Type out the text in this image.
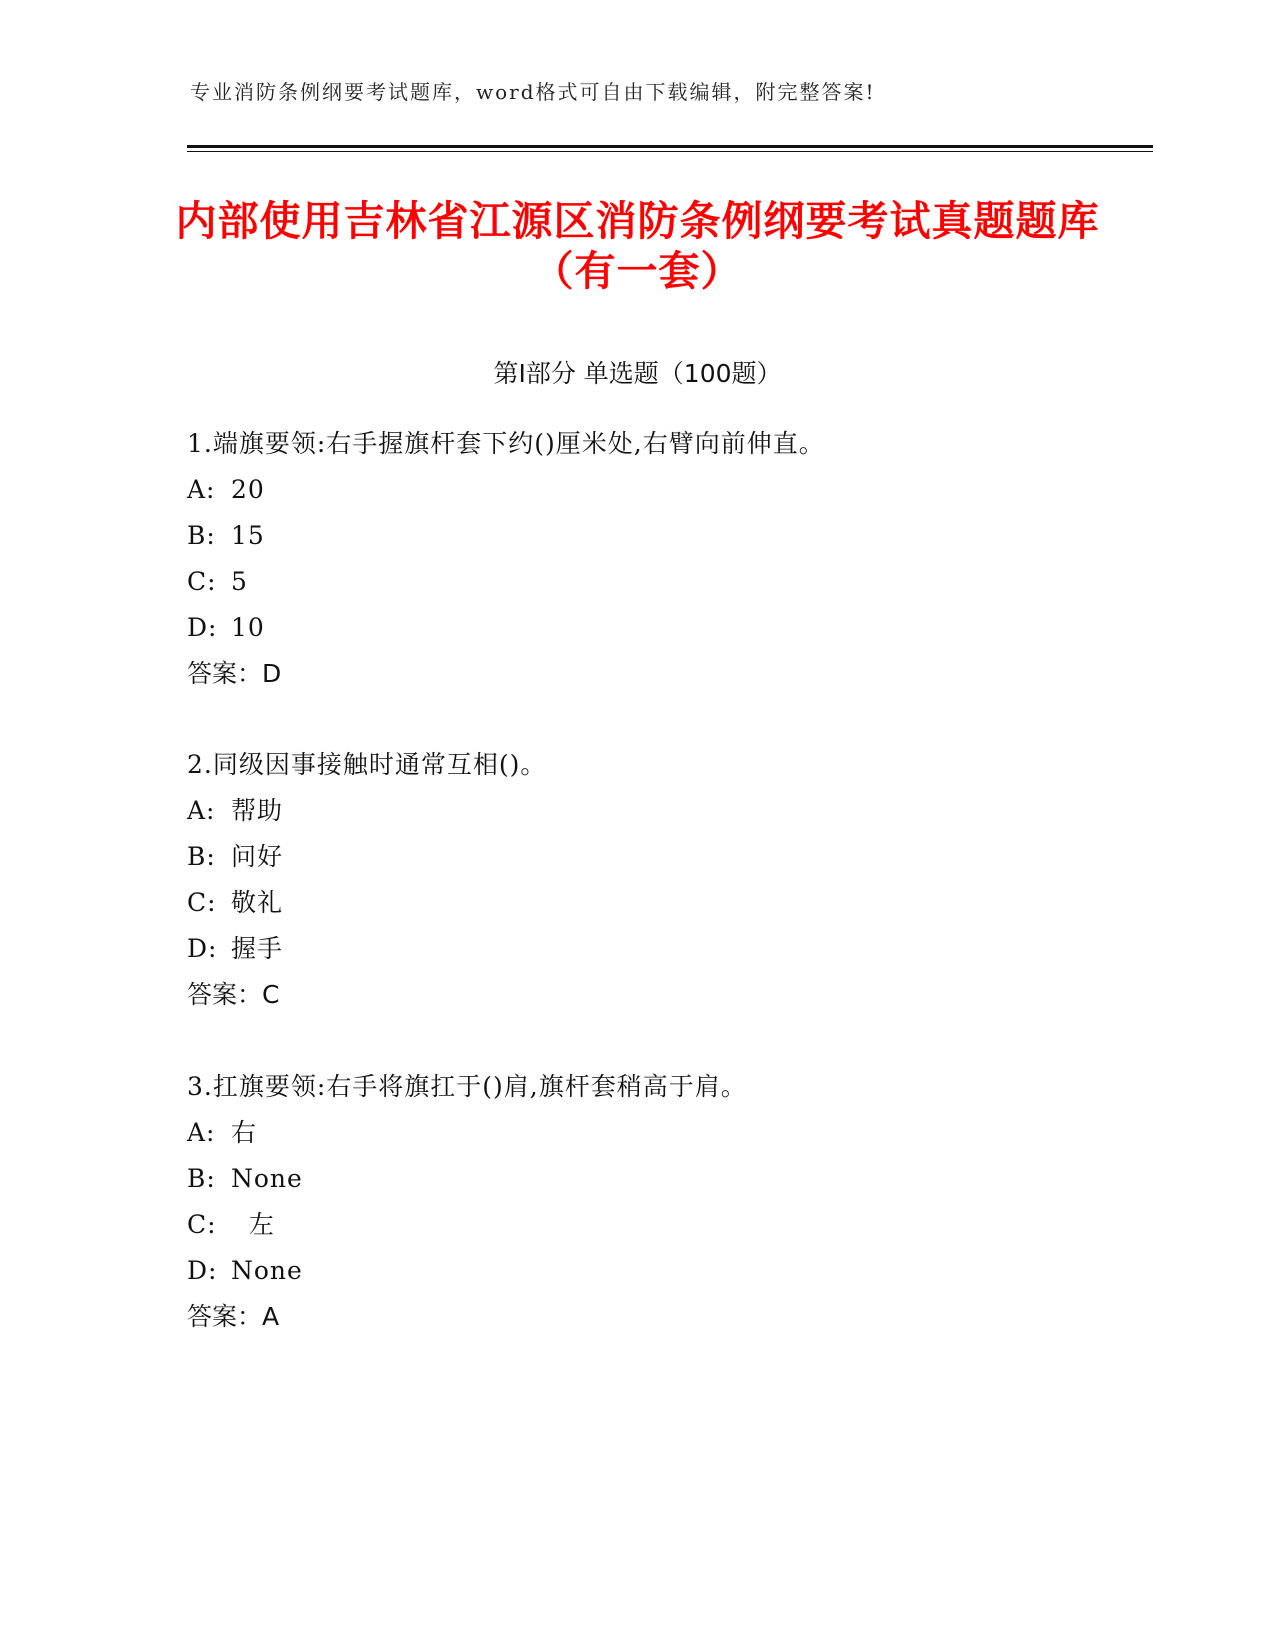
专业消防条例纲要考试题库，word格式可自由下载编辑，附完整答案!
内部使用吉林省江源区消防条例纲要考试真题题库（有一套）
第Ⅰ部分 单选题（100题）
1.端旗要领:右手握旗杆套下约()厘米处,右臂向前伸直。
A: 20
B: 15
C: 5
D: 10
答案：D
2.同级因事接触时通常互相()。
A: 帮助
B: 问好
C: 敬礼
D: 握手
答案：C
3.扛旗要领:右手将旗扛于()肩,旗杆套稍高于肩。
A: 右
B: None
C:  左
D: None
答案：A
